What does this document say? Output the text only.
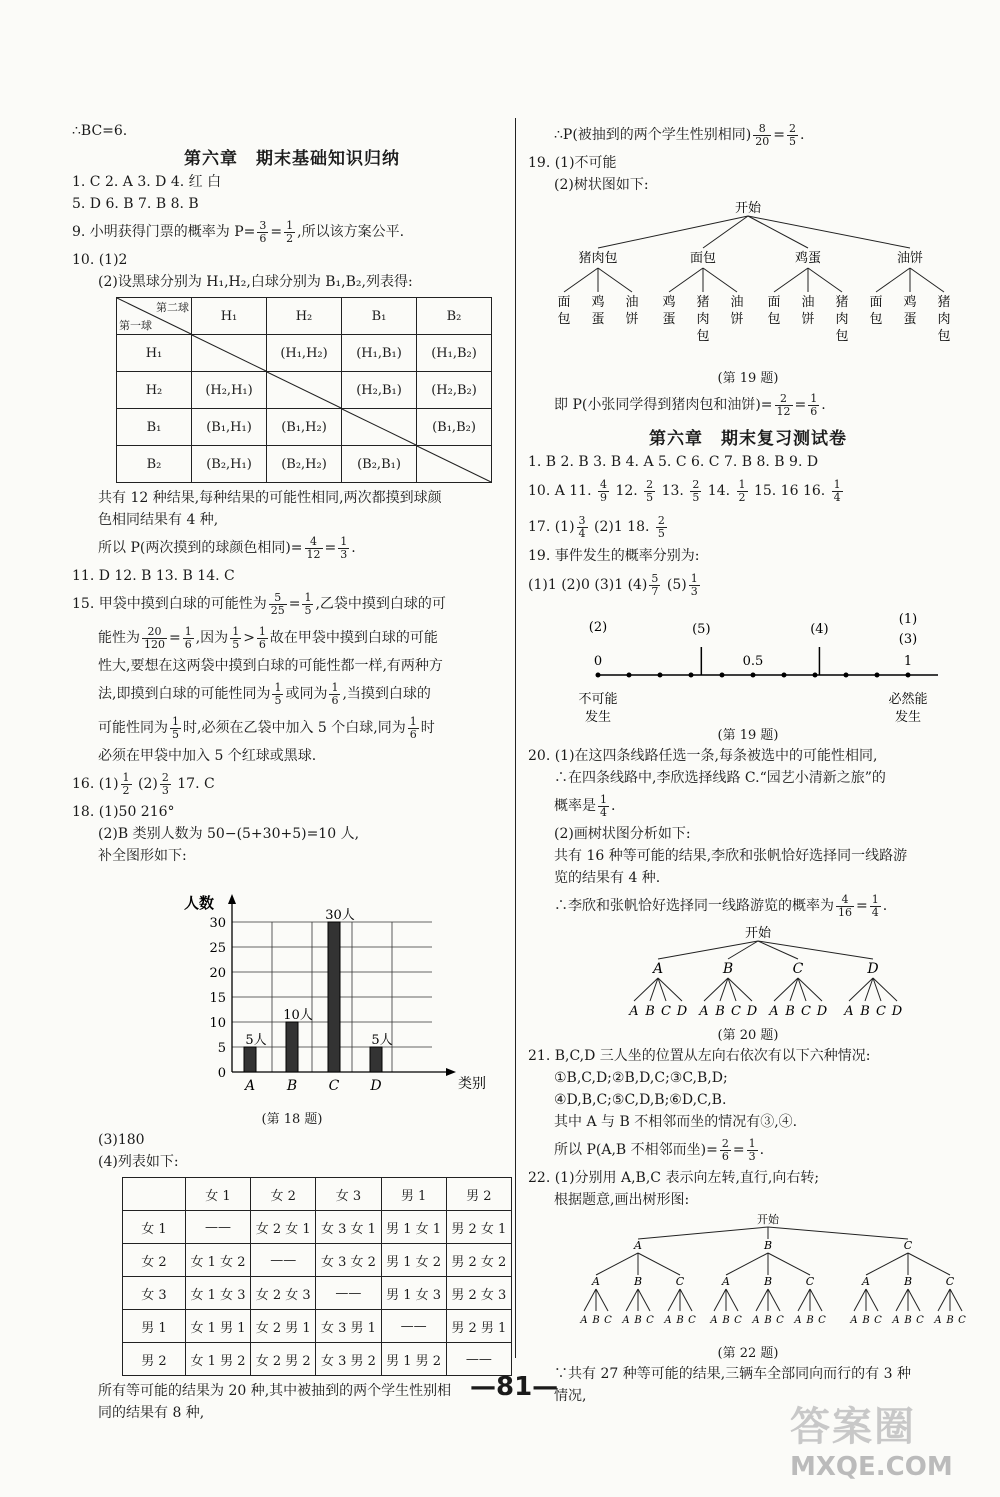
∴BC=6.

第六章　期末基础知识归纳

1. C 2. A 3. D 4. 红 白

5. D 6. B 7. B 8. B

9. 小明获得门票的概率为 $P= \frac{3}{6} = \frac{1}{2}$ ,所以该方案公平.

10. (1)2

(2)设黑球分别为 H₁,H₂,白球分别为 B₁,B₂,列表得:

第二球
第一球	H₁	H₂	B₁	B₂
H₁		(H₁,H₂)	(H₁,B₁)	(H₁,B₂)
H₂	(H₂,H₁)		(H₂,B₁)	(H₂,B₂)
B₁	(B₁,H₁)	(B₁,H₂)		(B₁,B₂)
B₂	(B₂,H₁)	(B₂,H₂)	(B₂,B₁)	

共有 12 种结果,每种结果的可能性相同,两次都摸到球颜

色相同结果有 4 种,

所以 P(两次摸到的球颜色相同)= $\frac{4}{12} = \frac{1}{3}$ .

11. D 12. B 13. B 14. C

15. 甲袋中摸到白球的可能性为 $\frac{5}{25} = \frac{1}{5}$ ,乙袋中摸到白球的可

能性为 $\frac{20}{120} = \frac{1}{6}$ ,因为 $\frac{1}{5} > \frac{1}{6}$ 故在甲袋中摸到白球的可能

性大,要想在这两袋中摸到白球的可能性都一样,有两种方

法,即摸到白球的可能性同为 $\frac{1}{5}$ 或同为 $\frac{1}{6}$ ,当摸到白球的

可能性同为 $\frac{1}{5}$ 时,必须在乙袋中加入 5 个白球,同为 $\frac{1}{6}$ 时

必须在甲袋中加入 5 个红球或黑球.

16. $(1) \frac{1}{2} (2) \frac{2}{3} 17$. C

18. (1)50 216°

(2)B 类别人数为 50−(5+30+5)=10 人,

补全图形如下:

0
5
10
15
20
25
30
人数
类别
A
5人
B
10人
C
30人
D
5人
(第 18 题)

(3)180

(4)列表如下:

	女 1	女 2	女 3	男 1	男 2
女 1	——	女 2 女 1	女 3 女 1	男 1 女 1	男 2 女 1
女 2	女 1 女 2	——	女 3 女 2	男 1 女 2	男 2 女 2
女 3	女 1 女 3	女 2 女 3	——	男 1 女 3	男 2 女 3
男 1	女 1 男 1	女 2 男 1	女 3 男 1	——	男 2 男 1
男 2	女 1 男 2	女 2 男 2	女 3 男 2	男 1 男 2	——

所有等可能的结果为 20 种,其中被抽到的两个学生性别相

同的结果有 8 种,

∴P(被抽到的两个学生性别相同) $\frac{8}{20} = \frac{2}{5}$ .

19. (1)不可能

(2)树状图如下:

开始
猪肉包
面包
鸡蛋
油饼
面包
鸡蛋
猪肉包
油饼
鸡蛋
面包
油饼
猪肉包
油饼
面包
鸡蛋
猪肉包
(第 19 题)

即 P(小张同学得到猪肉包和油饼)= $\frac{2}{12} = \frac{1}{6}$ .

第六章　期末复习测试卷

1. B 2. B 3. B 4. A 5. C 6. C 7. B 8. B 9. D

10. A 11. $\frac{4}{9} 12$. $\frac{2}{5} 13$. $\frac{2}{5} 14$. $\frac{1}{2} 15$. 16 16. $\frac{1}{4}$

17. $(1) \frac{3}{4} (2)1$ 18. $\frac{2}{5}$

19. 事件发生的概率分别为:

(1)1 (2)0 (3)1 $(4) \frac{5}{7} (5) \frac{1}{3}$

0	0.5	1
(2)	(5)	(4)
(3)
(1)
不可能
发生
必然能
发生
(第 19 题)

20. (1)在这四条线路任选一条,每条被选中的可能性相同,

∴在四条线路中,李欣选择线路 C.“园艺小清新之旅”的

概率是 $\frac{1}{4}$ .

(2)画树状图分析如下:

共有 16 种等可能的结果,李欣和张帆恰好选择同一线路游

览的结果有 4 种.

∴李欣和张帆恰好选择同一线路游览的概率为 $\frac{4}{16} = \frac{1}{4}$ .

开始
A
A B C D
B
A B C D
C
A B C D
D
A B C D
(第 20 题)

21. B,C,D 三人坐的位置从左向右依次有以下六种情况:

①B,C,D;②B,D,C;③C,B,D;

④D,B,C;⑤C,D,B;⑥D,C,B.

其中 A 与 B 不相邻而坐的情况有③,④.

所以 P(A,B 不相邻而坐)= $\frac{2}{6} = \frac{1}{3}$ .

22. (1)分别用 A,B,C 表示向左转,直行,向右转;

根据题意,画出树形图:

开始
A
A
A B C
B
A B C
C
A B C
B
A
A B C
B
A B C
C
A B C
C
A
A B C
B
A B C
C
A B C
(第 22 题)

∵共有 27 种等可能的结果,三辆车全部同向而行的有 3 种

情况,

—81—
答案圈
MXQE.COM
